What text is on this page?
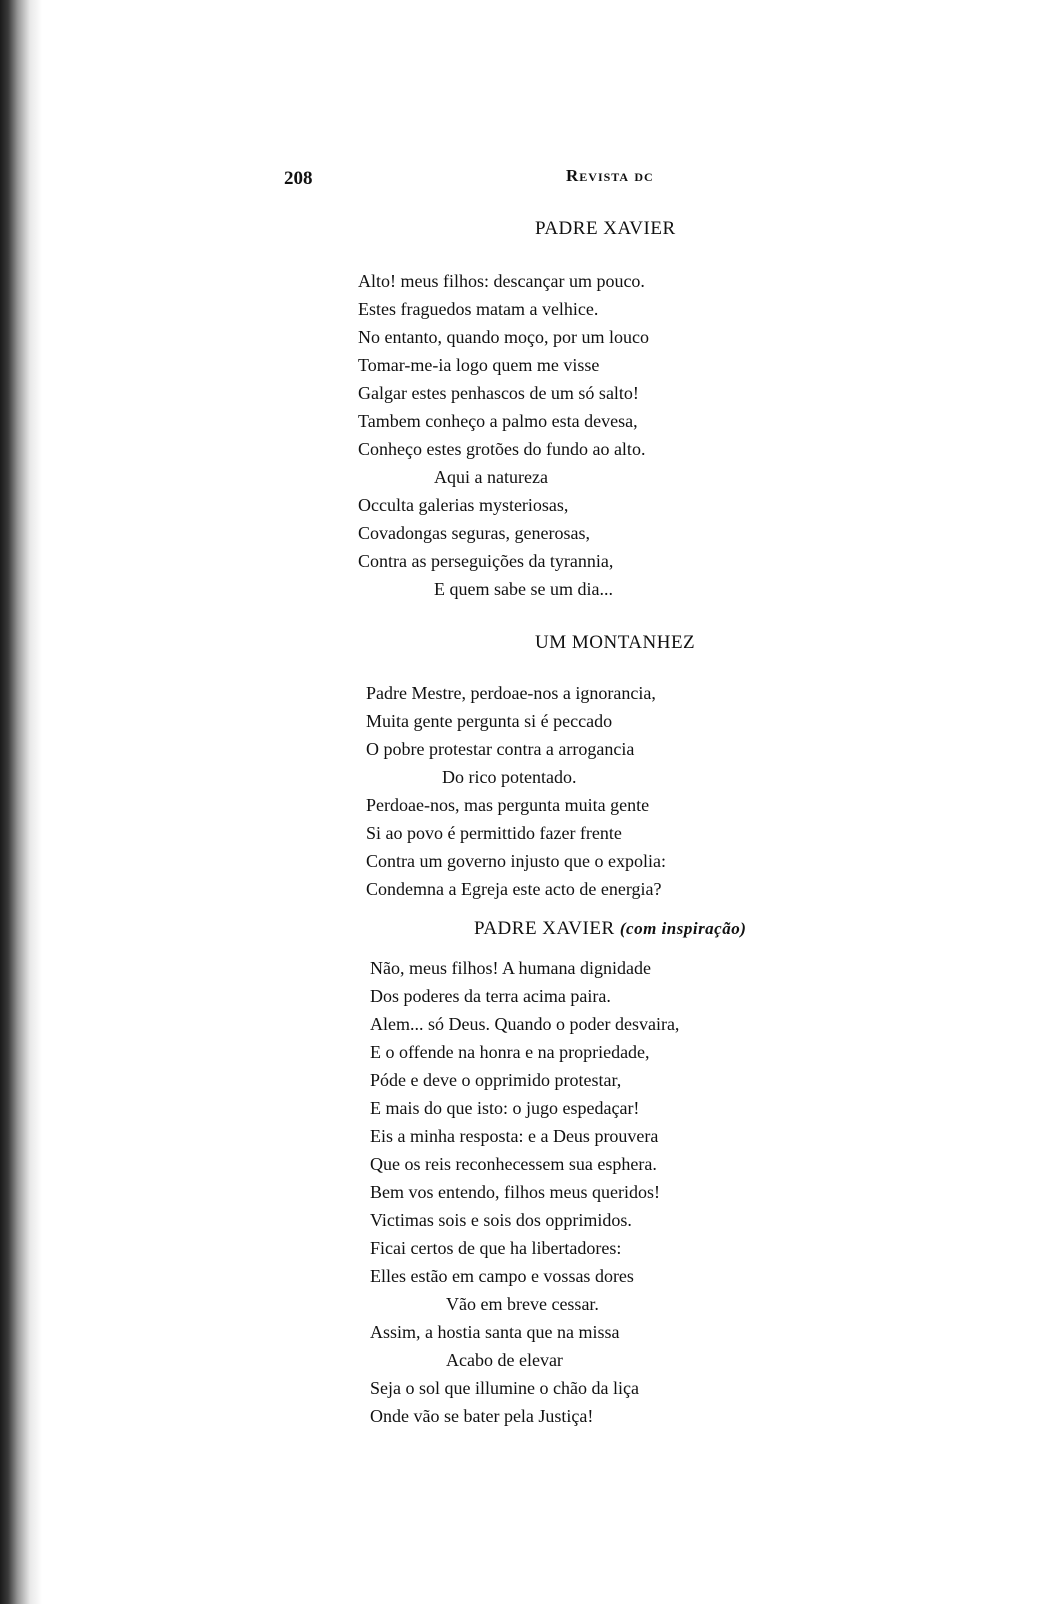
208	Revista dc
PADRE XAVIER
Alto! meus filhos: descançar um pouco.
Estes fraguedos matam a velhice.
No entanto, quando moço, por um louco
Tomar-me-ia logo quem me visse
Galgar estes penhascos de um só salto!
Tambem conheço a palmo esta devesa,
Conheço estes grotões do fundo ao alto.
Aqui a natureza
Occulta galerias mysteriosas,
Covadongas seguras, generosas,
Contra as perseguições da tyrannia,
E quem sabe se um dia...
UM MONTANHEZ
Padre Mestre, perdoae-nos a ignorancia,
Muita gente pergunta si é peccado
O pobre protestar contra a arrogancia
Do rico potentado.
Perdoae-nos, mas pergunta muita gente
Si ao povo é permittido fazer frente
Contra um governo injusto que o expolia:
Condemna a Egreja este acto de energia?
PADRE XAVIER (com inspiração)
Não, meus filhos! A humana dignidade
Dos poderes da terra acima paira.
Alem... só Deus. Quando o poder desvaira,
E o offende na honra e na propriedade,
Póde e deve o opprimido protestar,
E mais do que isto: o jugo espedaçar!
Eis a minha resposta: e a Deus prouvera
Que os reis reconhecessem sua esphera.
Bem vos entendo, filhos meus queridos!
Victimas sois e sois dos opprimidos.
Ficai certos de que ha libertadores:
Elles estão em campo e vossas dores
Vão em breve cessar.
Assim, a hostia santa que na missa
Acabo de elevar
Seja o sol que illumine o chão da liça
Onde vão se bater pela Justiça!
